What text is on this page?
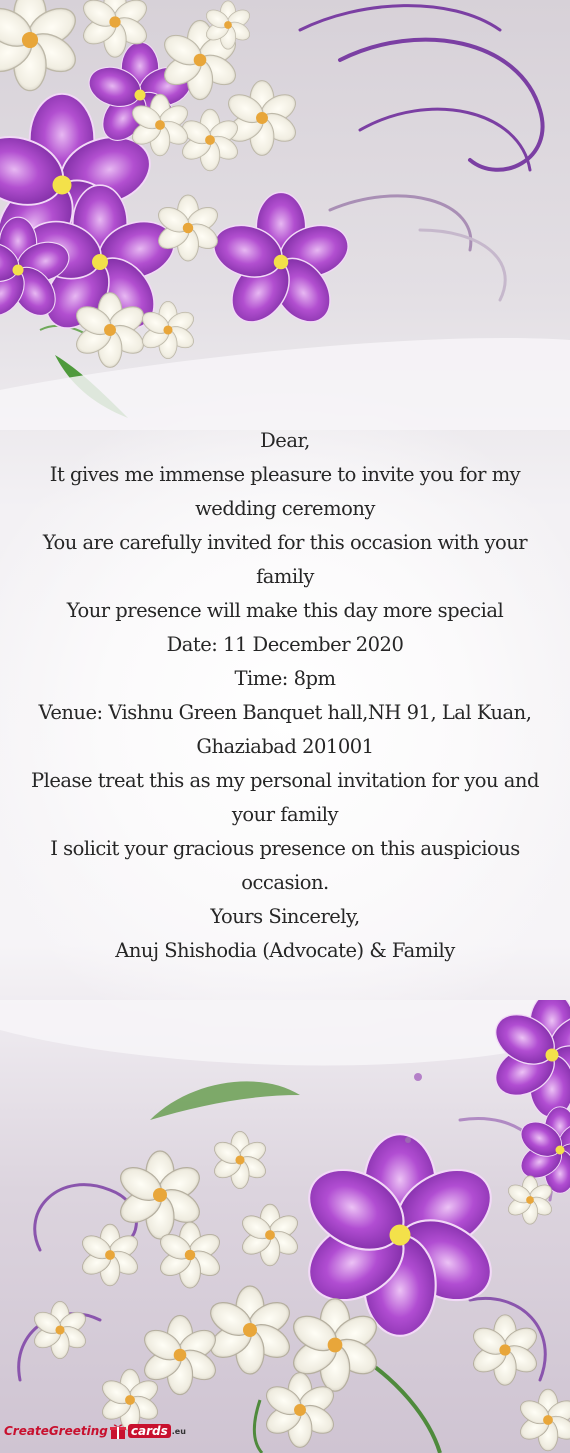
Dear,

It gives me immense pleasure to invite you for my wedding ceremony

You are carefully invited for this occasion with your family

Your presence will make this day more special

Date: 11 December 2020

Time: 8pm

Venue: Vishnu Green Banquet hall,NH 91, Lal Kuan, Ghaziabad 201001

Please treat this as my personal invitation for you and your family

I solicit your gracious presence on this auspicious occasion.

Yours Sincerely,

Anuj Shishodia (Advocate) & Family

CreateGreeting cards .eu
